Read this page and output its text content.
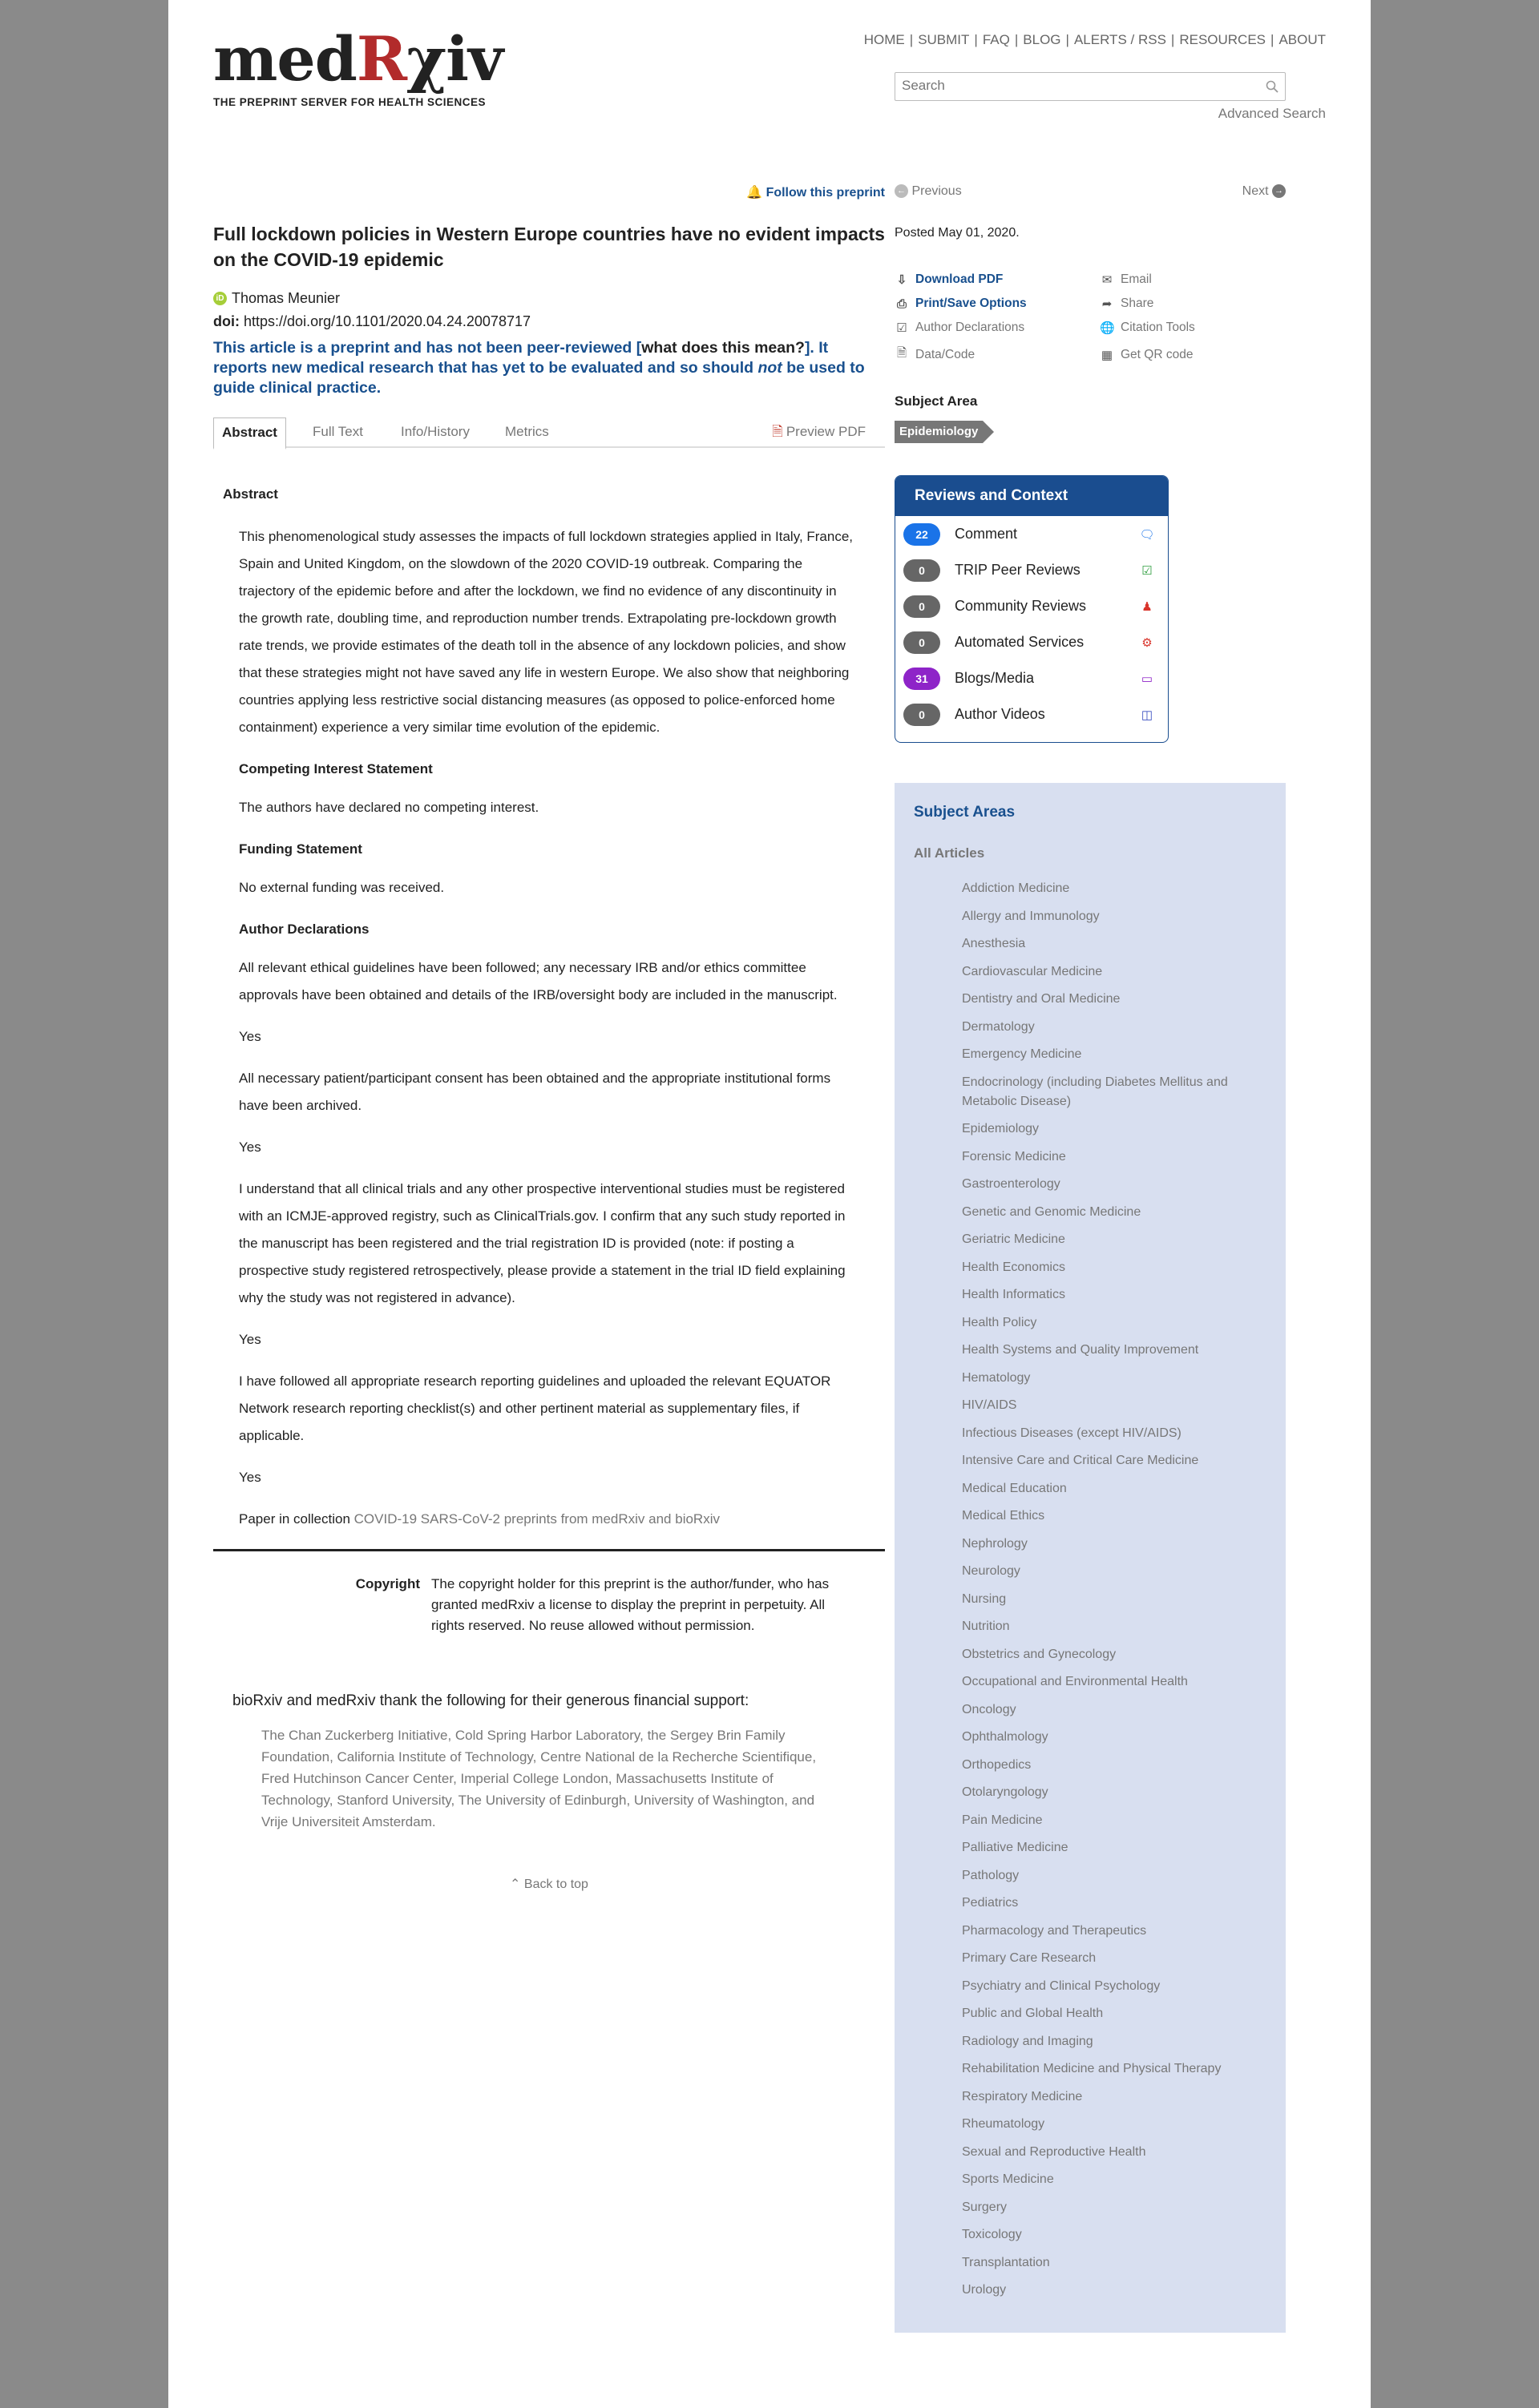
medRχiv
THE PREPRINT SERVER FOR HEALTH SCIENCES
HOME | SUBMIT | FAQ | BLOG | ALERTS / RSS | RESOURCES | ABOUT
Search
Advanced Search
🔔 Follow this preprint
Full lockdown policies in Western Europe countries have no evident impacts on the COVID-19 epidemic
iD Thomas Meunier
doi: https://doi.org/10.1101/2020.04.24.20078717
This article is a preprint and has not been peer-reviewed [what does this mean?]. It reports new medical research that has yet to be evaluated and so should not be used to guide clinical practice.
Abstract	Full Text	Info/History	Metrics	🗎 Preview PDF
Abstract

This phenomenological study assesses the impacts of full lockdown strategies applied in Italy, France, Spain and United Kingdom, on the slowdown of the 2020 COVID-19 outbreak. Comparing the trajectory of the epidemic before and after the lockdown, we find no evidence of any discontinuity in the growth rate, doubling time, and reproduction number trends. Extrapolating pre-lockdown growth rate trends, we provide estimates of the death toll in the absence of any lockdown policies, and show that these strategies might not have saved any life in western Europe. We also show that neighboring countries applying less restrictive social distancing measures (as opposed to police-enforced home containment) experience a very similar time evolution of the epidemic.

Competing Interest Statement

The authors have declared no competing interest.

Funding Statement

No external funding was received.

Author Declarations

All relevant ethical guidelines have been followed; any necessary IRB and/or ethics committee approvals have been obtained and details of the IRB/oversight body are included in the manuscript.

Yes

All necessary patient/participant consent has been obtained and the appropriate institutional forms have been archived.

Yes

I understand that all clinical trials and any other prospective interventional studies must be registered with an ICMJE-approved registry, such as ClinicalTrials.gov. I confirm that any such study reported in the manuscript has been registered and the trial registration ID is provided (note: if posting a prospective study registered retrospectively, please provide a statement in the trial ID field explaining why the study was not registered in advance).

Yes

I have followed all appropriate research reporting guidelines and uploaded the relevant EQUATOR Network research reporting checklist(s) and other pertinent material as supplementary files, if applicable.

Yes

Paper in collection COVID-19 SARS-CoV-2 preprints from medRxiv and bioRxiv

Copyright The copyright holder for this preprint is the author/funder, who has granted medRxiv a license to display the preprint in perpetuity. All rights reserved. No reuse allowed without permission.
bioRxiv and medRxiv thank the following for their generous financial support:
The Chan Zuckerberg Initiative, Cold Spring Harbor Laboratory, the Sergey Brin Family Foundation, California Institute of Technology, Centre National de la Recherche Scientifique, Fred Hutchinson Cancer Center, Imperial College London, Massachusetts Institute of Technology, Stanford University, The University of Edinburgh, University of Washington, and Vrije Universiteit Amsterdam.
⌃ Back to top
← Previous	Next →
Posted May 01, 2020.
⇩ Download PDF	✉ Email
⎙ Print/Save Options	➦ Share
☑ Author Declarations	🌐 Citation Tools
🗎 Data/Code	▦ Get QR code
Subject Area
Epidemiology
Reviews and Context
22	Comment	🗨
0	TRIP Peer Reviews	☑
0	Community Reviews	♟
0	Automated Services	⚙
31	Blogs/Media	▭
0	Author Videos	◫
Subject Areas
All Articles
Addiction Medicine
Allergy and Immunology
Anesthesia
Cardiovascular Medicine
Dentistry and Oral Medicine
Dermatology
Emergency Medicine
Endocrinology (including Diabetes Mellitus and Metabolic Disease)
Epidemiology
Forensic Medicine
Gastroenterology
Genetic and Genomic Medicine
Geriatric Medicine
Health Economics
Health Informatics
Health Policy
Health Systems and Quality Improvement
Hematology
HIV/AIDS
Infectious Diseases (except HIV/AIDS)
Intensive Care and Critical Care Medicine
Medical Education
Medical Ethics
Nephrology
Neurology
Nursing
Nutrition
Obstetrics and Gynecology
Occupational and Environmental Health
Oncology
Ophthalmology
Orthopedics
Otolaryngology
Pain Medicine
Palliative Medicine
Pathology
Pediatrics
Pharmacology and Therapeutics
Primary Care Research
Psychiatry and Clinical Psychology
Public and Global Health
Radiology and Imaging
Rehabilitation Medicine and Physical Therapy
Respiratory Medicine
Rheumatology
Sexual and Reproductive Health
Sports Medicine
Surgery
Toxicology
Transplantation
Urology
